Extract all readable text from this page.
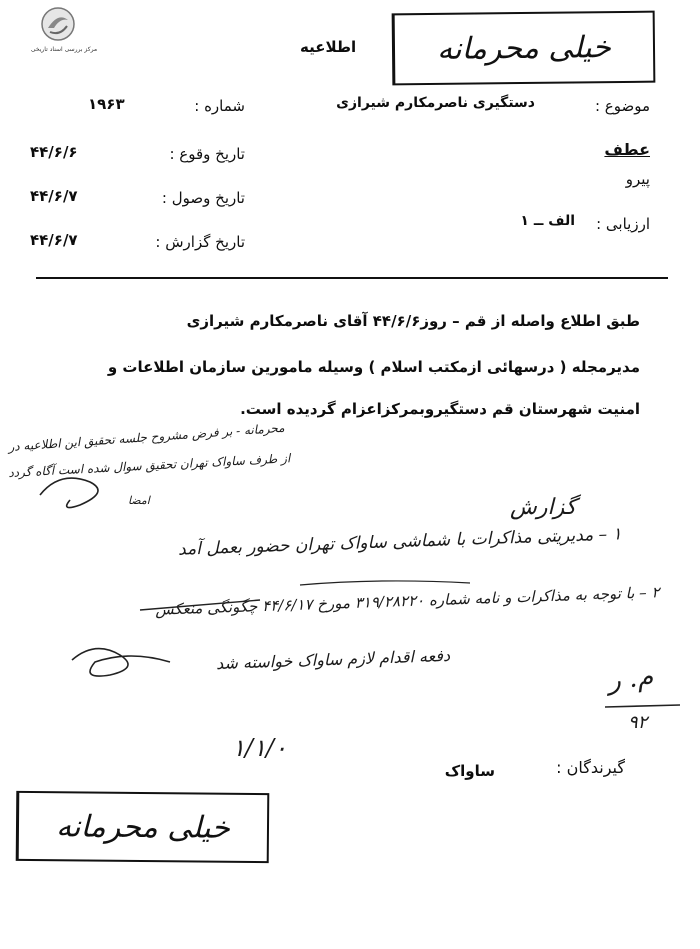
مرکز بررسی اسناد تاریخی	خیلی محرمانه
اطلاعیه
موضوع :
دستگیری ناصرمکارم شیرازی
عطف
پیرو
ارزیابی :
الف ــ ۱
شماره :
۱۹۶۳
تاریخ وقوع :
۴۴/۶/۶
تاریخ وصول :
۴۴/۶/۷
تاریخ گزارش :
۴۴/۶/۷
طبق اطلاع واصله از قم – روز۴۴/۶/۶ آقای ناصرمکارم شیرازی
مدیرمجله ( درسهائی ازمکتب اسلام ) وسیله مامورین سازمان اطلاعات و
امنیت شهرستان قم دستگیروبمرکزاعزام گردیده است.
محرمانه - بر فرض مشروح جلسه تحقیق این اطلاعیه در
از طرف ساواک تهران تحقیق سوال شده است آگاه گردد
امضا	گزارش
۱ – مدیریتی مذاکرات با شماشی ساواک تهران حضور بعمل آمد
۲ – با توجه به مذاکرات و نامه شماره ۳۱۹/۲۸۲۲۰ مورخ ۴۴/۶/۱۷ چگونگی منعکس
دفعه اقدام لازم ساواک خواسته شد
م. ر
۹۲
۱/۱/۰
گیرندگان :
ساواک
خیلی محرمانه
